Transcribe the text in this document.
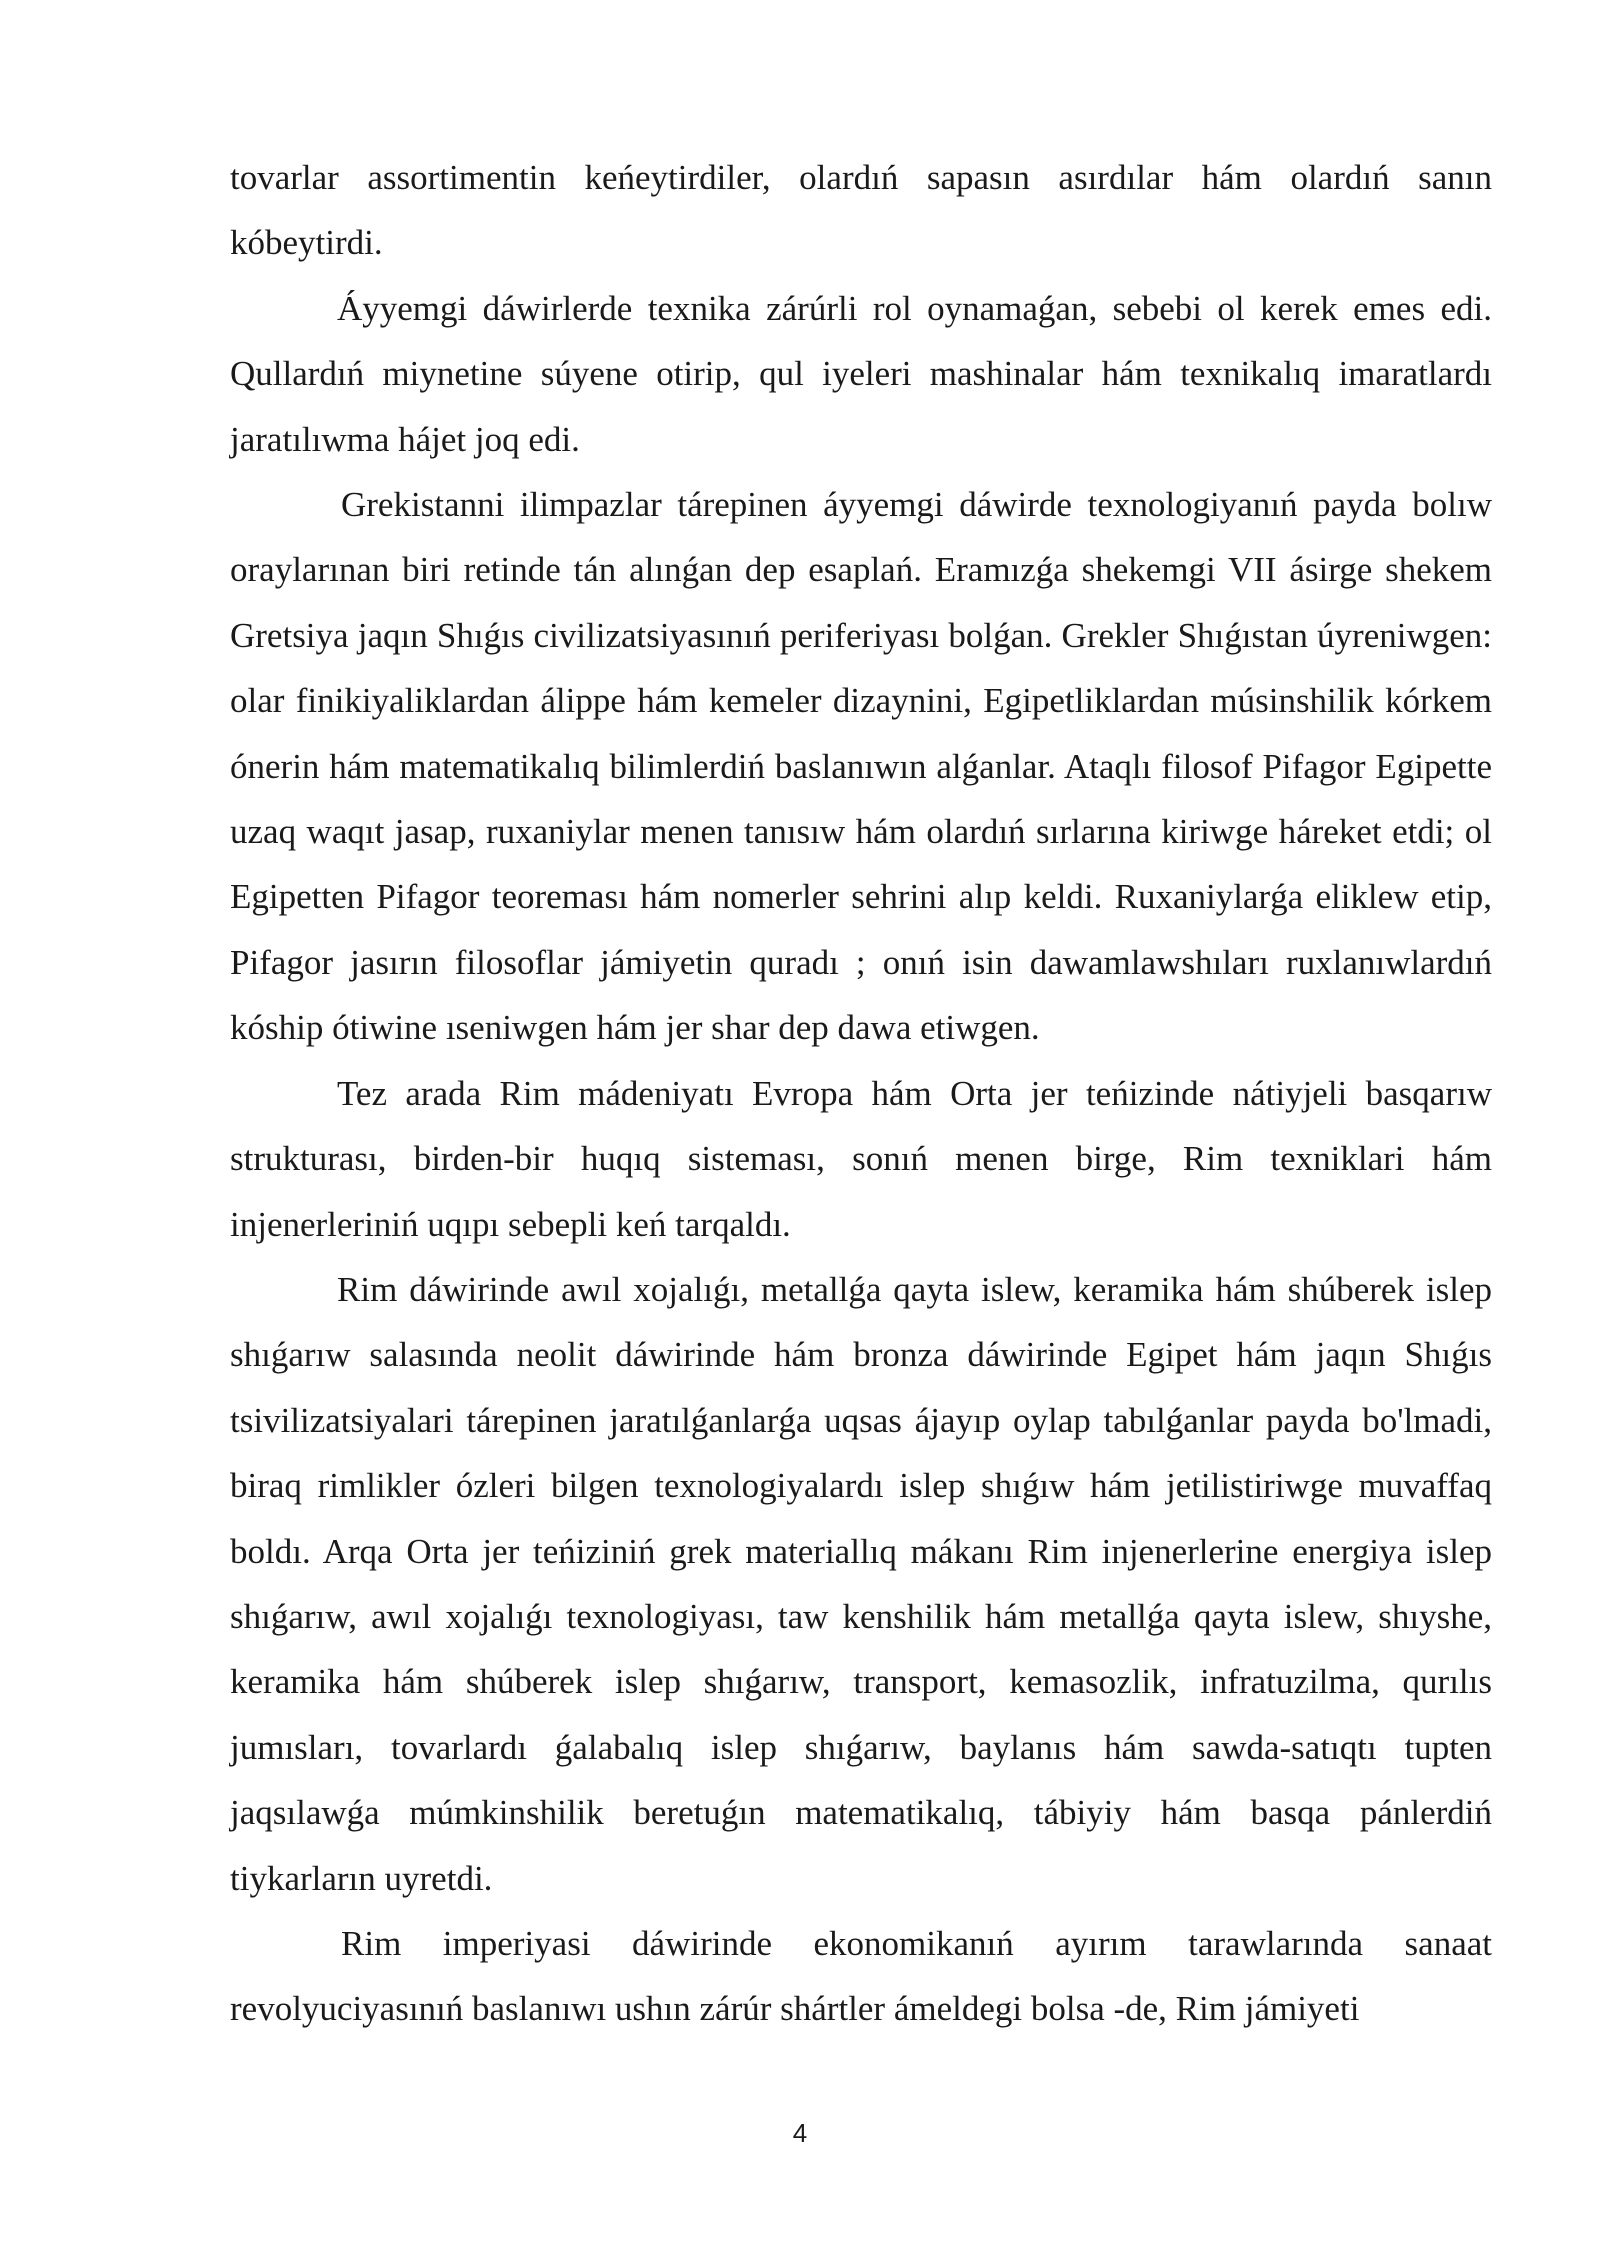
tovarlar assortimentin keńeytirdiler, olardıń sapasın asırdılar hám olardıń sanın kóbeytirdi.

Áyyemgi dáwirlerde texnika zárúrli rol oynamaǵan, sebebi ol kerek emes edi. Qullardıń miynetine súyene otirip, qul iyeleri mashinalar hám texnikalıq imaratlardı jaratılıwma hájet joq edi.

Grekistanni ilimpazlar tárepinen áyyemgi dáwirde texnologiyanıń payda bolıw oraylarınan biri retinde tán alınǵan dep esaplań. Eramızǵa shekemgi VII ásirge shekem Gretsiya jaqın Shıǵıs civilizatsiyasınıń periferiyası bolǵan. Grekler Shıǵıstan úyreniwgen: olar finikiyaliklardan álippe hám kemeler dizaynini, Egipetliklardan músinshilik kórkem ónerin hám matematikalıq bilimlerdiń baslanıwın alǵanlar. Ataqlı filosof Pifagor Egipette uzaq waqıt jasap, ruxaniylar menen tanısıw hám olardıń sırlarına kiriwge háreket etdi; ol Egipetten Pifagor teoreması hám nomerler sehrini alıp keldi. Ruxaniylarǵa eliklew etip, Pifagor jasırın filosoflar jámiyetin quradı ; onıń isin dawamlawshıları ruxlanıwlardıń kóship ótiwine ıseniwgen hám jer shar dep dawa etiwgen.

Tez arada Rim mádeniyatı Evropa hám Orta jer teńizinde nátiyjeli basqarıw strukturası, birden-bir huqıq sisteması, sonıń menen birge, Rim texniklari hám injenerleriniń uqıpı sebepli keń tarqaldı.

Rim dáwirinde awıl xojalıǵı, metallǵa qayta islew, keramika hám shúberek islep shıǵarıw salasında neolit dáwirinde hám bronza dáwirinde Egipet hám jaqın Shıǵıs tsivilizatsiyalari tárepinen jaratılǵanlarǵa uqsas ájayıp oylap tabılǵanlar payda bo'lmadi, biraq rimlikler ózleri bilgen texnologiyalardı islep shıǵıw hám jetilistiriwge muvaffaq boldı. Arqa Orta jer teńiziniń grek materiallıq mákanı Rim injenerlerine energiya islep shıǵarıw, awıl xojalıǵı texnologiyası, taw kenshilik hám metallǵa qayta islew, shıyshe, keramika hám shúberek islep shıǵarıw, transport, kemasozlik, infratuzilma, qurılıs jumısları, tovarlardı ǵalabalıq islep shıǵarıw, baylanıs hám sawda-satıqtı tupten jaqsılawǵa múmkinshilik beretuǵın matematikalıq, tábiyiy hám basqa pánlerdiń tiykarların uyretdi.

Rim imperiyasi dáwirinde ekonomikanıń ayırım tarawlarında sanaat revolyuciyasınıń baslanıwı ushın zárúr shártler ámeldegi bolsa -de, Rim jámiyeti

4
